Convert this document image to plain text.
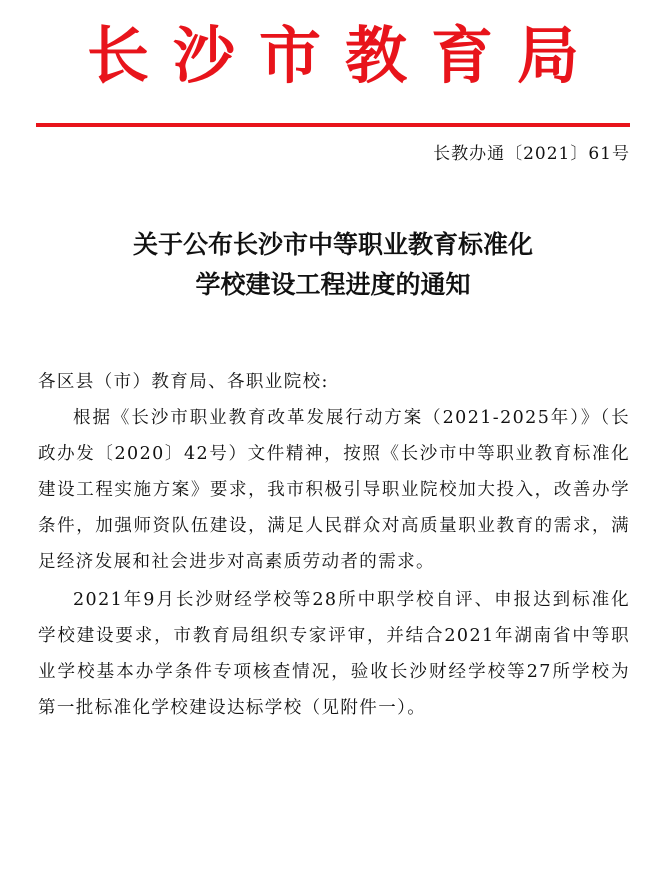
长沙市教育局
长教办通〔2021〕61号
关于公布长沙市中等职业教育标准化
学校建设工程进度的通知

各区县（市）教育局、各职业院校:

根据《长沙市职业教育改革发展行动方案（2021-2025年）》（长政办发〔2020〕42号）文件精神，按照《长沙市中等职业教育标准化建设工程实施方案》要求，我市积极引导职业院校加大投入，改善办学条件，加强师资队伍建设，满足人民群众对高质量职业教育的需求，满足经济发展和社会进步对高素质劳动者的需求。

2021年9月长沙财经学校等28所中职学校自评、申报达到标准化学校建设要求，市教育局组织专家评审，并结合2021年湖南省中等职业学校基本办学条件专项核查情况，验收长沙财经学校等27所学校为第一批标准化学校建设达标学校（见附件一）。
